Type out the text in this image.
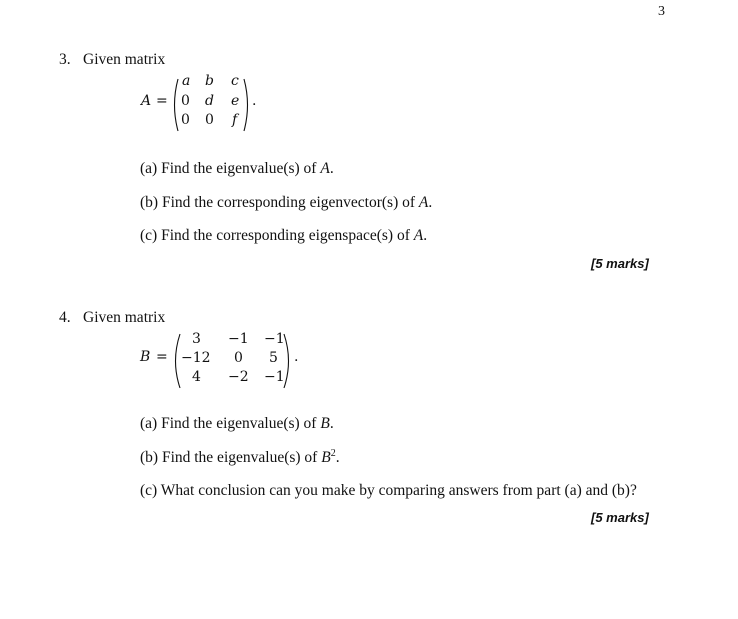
3
3. Given matrix
A =
a b c
0 d e
0 0 f
.
(a) Find the eigenvalue(s) of A.
(b) Find the corresponding eigenvector(s) of A.
(c) Find the corresponding eigenspace(s) of A.
[5 marks]
4. Given matrix
B =
3 −1 −1
−12 0 5
4 −2 −1
.
(a) Find the eigenvalue(s) of B.
(b) Find the eigenvalue(s) of $B^2$.
(c) What conclusion can you make by comparing answers from part (a) and (b)?
[5 marks]
